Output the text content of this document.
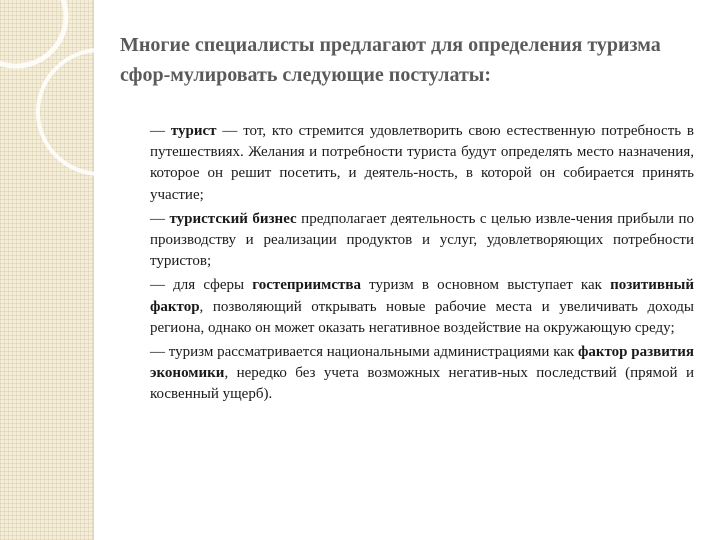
Многие специалисты предлагают для определения туризма сфор-мулировать следующие постулаты:

— турист — тот, кто стремится удовлетворить свою естественную потребность в путешествиях. Желания и потребности туриста будут определять место назначения, которое он решит посетить, и деятель-ность, в которой он собирается принять участие;

— туристский бизнес предполагает деятельность с целью извле-чения прибыли по производству и реализации продуктов и услуг, удовлетворяющих потребности туристов;

— для сферы гостеприимства туризм в основном выступает как позитивный фактор, позволяющий открывать новые рабочие места и увеличивать доходы региона, однако он может оказать негативное воздействие на окружающую среду;

— туризм рассматривается национальными администрациями как фактор развития экономики, нередко без учета возможных негатив-ных последствий (прямой и косвенный ущерб).
